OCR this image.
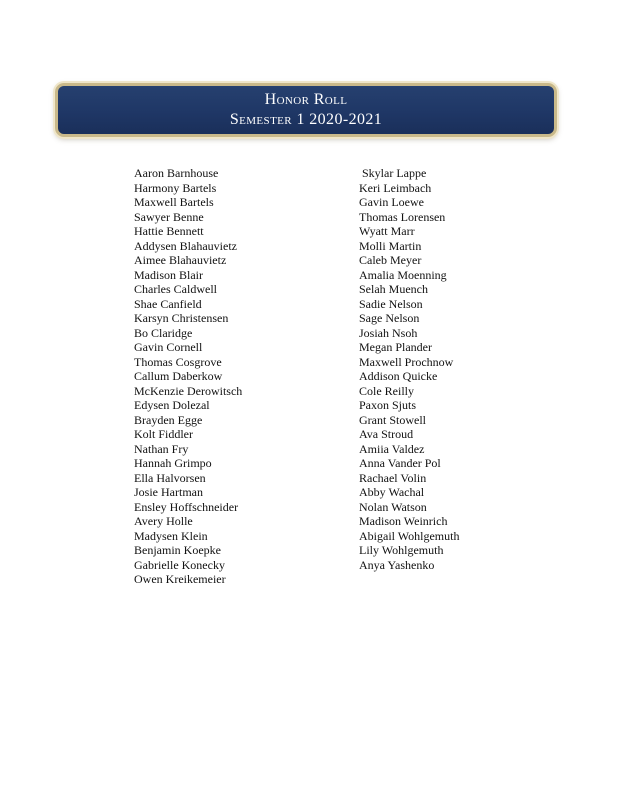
Honor Roll
Semester 1 2020-2021
Aaron Barnhouse
Harmony Bartels
Maxwell Bartels
Sawyer Benne
Hattie Bennett
Addysen Blahauvietz
Aimee Blahauvietz
Madison Blair
Charles Caldwell
Shae Canfield
Karsyn Christensen
Bo Claridge
Gavin Cornell
Thomas Cosgrove
Callum Daberkow
McKenzie Derowitsch
Edysen Dolezal
Brayden Egge
Kolt Fiddler
Nathan Fry
Hannah Grimpo
Ella Halvorsen
Josie Hartman
Ensley Hoffschneider
Avery Holle
Madysen Klein
Benjamin Koepke
Gabrielle Konecky
Owen Kreikemeier
Skylar Lappe
Keri Leimbach
Gavin Loewe
Thomas Lorensen
Wyatt Marr
Molli Martin
Caleb Meyer
Amalia Moenning
Selah Muench
Sadie Nelson
Sage Nelson
Josiah Nsoh
Megan Plander
Maxwell Prochnow
Addison Quicke
Cole Reilly
Paxon Sjuts
Grant Stowell
Ava Stroud
Amiia Valdez
Anna Vander Pol
Rachael Volin
Abby Wachal
Nolan Watson
Madison Weinrich
Abigail Wohlgemuth
Lily Wohlgemuth
Anya Yashenko
